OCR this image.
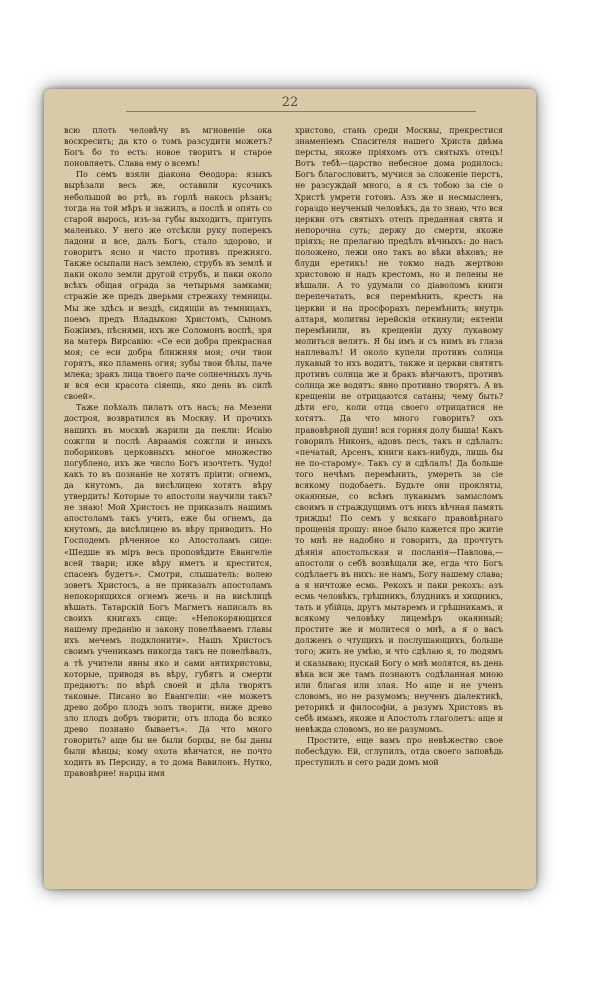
22

всю плоть человѣчу въ мгновеніе ока воскресить; да кто о томъ разсудити можетъ? Богъ бо то есть: новое творитъ и старое поновляетъ. Слава ему о всемъ!

По семъ взяли діакона Ѳеодора: языкъ вырѣзали весь же, оставили кусочикъ небольшой во ртѣ, въ горлѣ накось рѣзанъ; тогда на той мѣръ и зажилъ, а послѣ и опять со старой вырось, изъ-за губы выходитъ, притупъ маленько. У него же отсѣкли руку поперекъ ладони и все, далъ Богъ, стало здорово, и говоритъ ясно и чисто противъ прежняго. Также осыпали насъ землею, струбъ въ землѣ и паки около земли другой струбъ, и паки около всѣхъ общая ограда за четырьмя замками; стражіе же предъ дверьми стрежаху темницы. Мы же здѣсь и вездѣ, сидящіи въ темницахъ, поемъ предъ Владыкою Христомъ, Сыномъ Божіимъ, пѣснями, ихъ же Соломонъ воспѣ, зря на матерь Вирсавію: «Се еси добра прекрасная моя; се еси добра ближняя моя; очи твои горятъ, яко пламень огня; зубы твои бѣлы, паче млека; зракъ лица твоего паче солнечныхъ лучь и вся еси красота сіяещь, яко день въ силѣ своей».

Таже поѣхалъ пилатъ отъ насъ; на Мезени достроя, возвратился въ Москву. И прочихъ нашихъ въ москвѣ жарили да пекли: Исаію сожгли и послѣ Авраамія сожгли и иныхъ побориковъ церковныхъ многое множество погублено, ихъ же число Богъ изочтетъ. Чудо! какъ то въ познаніе не хотятъ пріити: огнемъ, да кнутомъ, да висѣлицею хотятъ вѣру утвердить! Которые то апостоли научили такъ? не знаю! Мой Христосъ не приказалъ нашимъ апостоламъ такъ учить, еже бы огнемъ, да кнутомъ, да висѣлицею въ вѣру приводить. Но Господемъ рѣченное ко Апостоламъ сице: «Шедше въ міръ весь проповѣдите Евангеліе всей твари; иже вѣру иметъ и крестится, спасенъ будетъ». Смотри, слышатель: волею зоветъ Христосъ, а не приказалъ апостоламъ непокорящихся огнемъ жечь и на висѣлицѣ вѣшать. Татарскій Богъ Магметъ написалъ въ своихъ книгахъ сице: «Непокоряющихся нашему преданію и закону повелѣваемъ главы ихъ мечемъ подклонити». Нашъ Христосъ своимъ ученикамъ никогда такъ не повелѣвалъ, а тѣ учители явны яко и сами антихристовы, которые, приводя въ вѣру, губятъ и смерти предаютъ: по вѣрѣ своей и дѣла творятъ таковые. Писано во Евангеліи: «не можетъ древо добро плодъ золъ творити, ниже древо зло плодъ добръ творити; отъ плода бо всяко древо познано бываетъ». Да что много говорить? аще бы не были борцы, не бы даны были вѣнцы; кому охота вѣнчатся, не почто ходить въ Персиду, а то дома Вавилонъ. Нутко, правовѣрне! нарцы имя

христово, стань среди Москвы, прекрестися знаменіемъ Спасителя нашего Христа двѣма персты, якоже пріяхомъ отъ святыхъ отецъ! Вотъ тебѣ—царство небесное дома родилось: Богъ благословитъ, мучися за сложеніе перстъ, не разсуждай много, а я съ тобою за сіе о Христѣ умрети готовъ. Азъ же и несмысленъ, гораздо неученый человѣкъ, да то знаю, что вся церкви отъ святыхъ отецъ преданная свята и непорочна суть; держу до смерти, якоже пріяхъ; не прелагаю предѣлъ вѣчныхъ: до насъ положено, лежи оно такъ во вѣки вѣковъ; не блуди еретикъ! не токмо надъ жертвою христовою и надъ крестомъ, но и пелены не вѣшали. А то удумали со діаволомъ книги перепечатать, вся перемѣнить, крестъ на церкви и на просфорахъ перемѣнить; внутрь алтаря, молитвы іерейскія откинули; ектеніи перемѣнили, въ крещеніи духу лукавому молиться велятъ. Я бы имъ и съ нимъ въ глаза наплевалъ! И около купели противъ солнца лукавый то ихъ водитъ, также и церкви святятъ противъ солнца же и бракъ вѣнчаютъ, противъ солнца же водятъ: явно противно творятъ. А въ крещеніи не отрицаются сатаны; чему быть? дѣти его, коли отца своего отрицатися не хотятъ. Да что много говорить? охъ правовѣрной души! вся горняя долу быша! Какъ говорилъ Никонъ, адовъ песъ, такъ и сдѣлалъ: «печатай, Арсенъ, книги какъ-нибудь, лишь бы не по-старому». Такъ су и сдѣлалъ! Да больше того нечѣмъ перемѣнить, умереть за сіе всякому подобаетъ. Будьте они прокляты, окаянные, со всѣмъ лукавымъ замысломъ своимъ и страждущимъ отъ нихъ вѣчная память трижды! По семъ у всякаго правовѣрнаго прощенія прошу: иное было кажется про житіе то мнѣ не надобно и говорить, да прочтутъ дѣянія апостольская и посланія—Павлова,—апостоли о себѣ возвѣщали же, егда что Богъ содѣлаетъ въ нихъ: не намъ, Богу нашему слава; а я ничтоже есмь. Рекохъ и паки рекохъ: азъ есмь человѣкъ, грѣшникъ, блудникъ и хищникъ, тать и убійца, другъ мытаремъ и грѣшникамъ, и всякому человѣку лицемѣръ окаянный; простите же и молитеся о мнѣ, а я о васъ долженъ о чтущихъ и послушающихъ, больше того; жить не умѣю, и что сдѣлаю я, то людямъ и сказываю; пускай Богу о мнѣ молятся, въ день вѣка вси же тамъ познаютъ содѣланная мною или благая или злая. Но аще и не ученъ словомъ, но не разумомъ; неученъ діалектикѣ, реторикѣ и философіи, а разумъ Христовъ въ себѣ имамъ, якоже и Апостолъ глаголетъ: аще и невѣжда словомъ, но не разумомъ.

Простите, еще вамъ про невѣжество свое побесѣдую. Ей, сглупилъ, отда своего заповѣдь преступилъ и сего ради домъ мой
